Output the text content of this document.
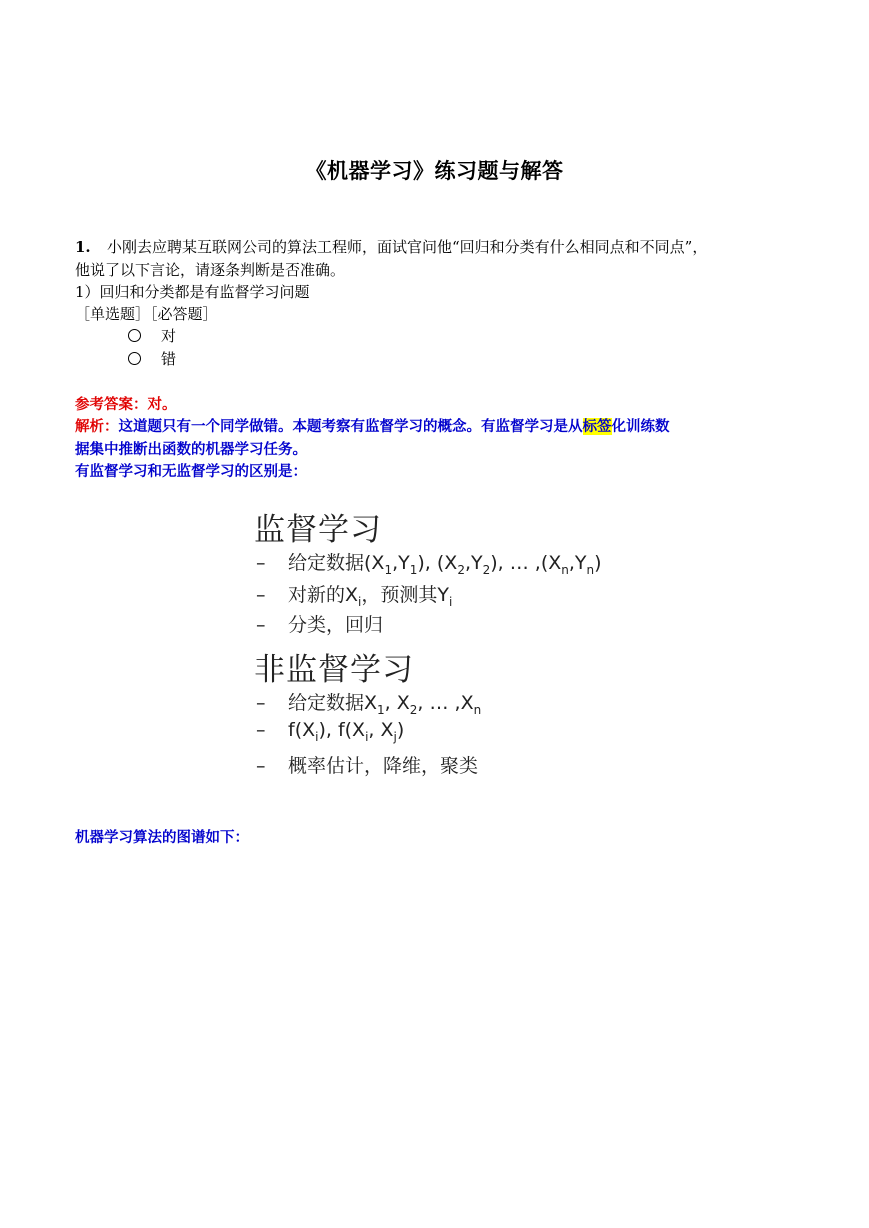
《机器学习》练习题与解答
1. 小刚去应聘某互联网公司的算法工程师，面试官问他“回归和分类有什么相同点和不同点”，
他说了以下言论，请逐条判断是否准确。
1）回归和分类都是有监督学习问题
［单选题］［必答题］
对
错
参考答案：对。
解析：这道题只有一个同学做错。本题考察有监督学习的概念。有监督学习是从标签化训练数
据集中推断出函数的机器学习任务。
有监督学习和无监督学习的区别是：
监督学习
– 给定数据$(X_1,Y_1)$, $(X_2,Y_2)$, … $,(X_n,Y_n)$
– 对新的$X_i$，预测其$Y_i$
– 分类，回归
非监督学习
– 给定数据$X_1$, $X_2$, … $,X_n$
– $f(X_i)$, $f(X_i$, $X_j$)
– 概率估计，降维，聚类
机器学习算法的图谱如下：
